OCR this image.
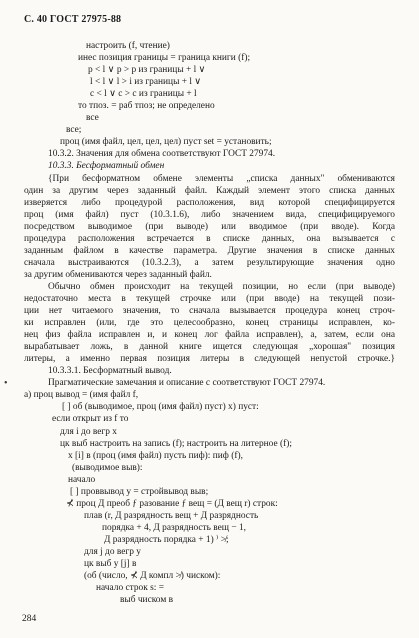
С. 40 ГОСТ 27975-88
•
настроить (f, чтение)
инес позиция границы = граница книги (f);
p < l ∨ p > p из границы + l ∨
l < l ∨ l > i из границы + l ∨
c < l ∨ c > c из границы + l
то тпоз. = раб тпоз; не определено
все
все;
проц (имя файл, цел, цел, цел) пуст set = установить;
10.3.2. Значения для обмена соответствуют ГОСТ 27974.
10.3.3. Бесформатный обмен
{При бесформатном обмене элементы „списка данных" обмениваются
один за другим через заданный файл. Каждый элемент этого списка данных
изверяется либо процедурой расположения, вид которой специфицируется
проц (имя файл) пуст (10.3.1.6), либо значением вида, специфицируемого
посредством выводимое (при выводе) или вводимое (при вводе). Когда
процедура расположения встречается в списке данных, она вызывается с
заданным файлом в качестве параметра. Другие значения в списке данных
сначала выстраиваются (10.3.2.3), а затем результирующие значения одно
за другим обмениваются через заданный файл.
Обычно обмен происходит на текущей позиции, но если (при выводе)
недостаточно места в текущей строчке или (при вводе) на текущей пози-
ции нет читаемого значения, то сначала вызывается процедура конец строч-
ки исправлен (или, где это целесообразно, конец страницы исправлен, ко-
нец физ файла исправлен и, и конец лог файла исправлен), а, затем, если она
вырабатывает ложь, в данной книге ищется следующая „хорошая" позиция
литеры, а именно первая позиция литеры в следующей непустой строчке.}
10.3.3.1. Бесформатный вывод.
Прагматические замечания и описание с соответствуют ГОСТ 27974.
а) проц вывод = (имя файл f,
[ ] об (выводимое, проц (имя файл) пуст) x) пуст:
если открыт из f то
для i до вегр x
цк выб настроить на запись (f); настроить на литерное (f);
x [i] в (проц (имя файл) пусть пиф): пиф (f),
(выводимое выв):
начало
[ ] проввывод y = стройвывод выв;
⊀ проц Д преоб ƒ разование ƒ вещ = (Д вещ r) строк:
плав (r, Д разрядность вещ + Д разрядность
порядка + 4, Д разрядность вещ − 1,
Д разрядность порядка + 1) ⁾ ≯;
для j до вегр y
цк выб y [j] в
(об (число, ⊀ Д компл ≯) чиском):
начало строк s: =
выб чиском в
284
